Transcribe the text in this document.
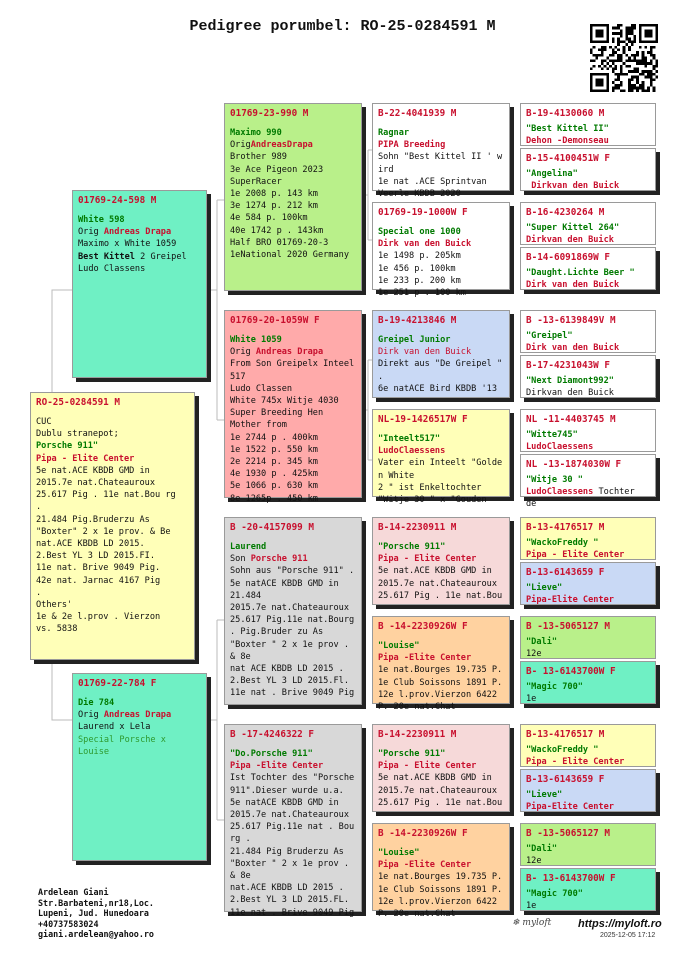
Pedigree porumbel: RO-25-0284591 M
RO-25-0284591 M
CUC
Dublu stranepot;
Porsche 911"
Pipa - Elite Center
5e nat.ACE KBDB GMD in
2015.7e nat.Chateauroux
25.617 Pig . 11e nat.Bou rg
.
21.484 Pig.Bruderzu As
"Boxter" 2 x 1e prov. & Be
nat.ACE KBDB LD 2015.
2.Best YL 3 LD 2015.FI.
11e nat. Brive 9049 Pig.
42e nat. Jarnac 4167 Pig
.
Others'
1e & 2e l.prov . Vierzon
vs. 5838
01769-24-598 M
White 598
Orig Andreas Drapa
Maximo x White 1059
Best Kittel 2 Greipel
Ludo Classens
01769-22-784 F
Die 784
Orig Andreas Drapa
Laurend x Lela
Special Porsche x Louise
01769-23-990 M
Maximo 990
OrigAndreasDrapa
Brother 989
3e Ace Pigeon 2023
SuperRacer
1e 2008 p. 143 km
3e 1274 p. 212 km
4e 584 p. 100km
40e 1742 p . 143km
Half BRO 01769-20-3
1eNational 2020 Germany
01769-20-1059W F
White 1059
Orig Andreas Drapa
From Son Greipelx Inteel
517
Ludo Classen
White 745x Witje 4030
Super Breeding Hen
Mother from
1e 2744 p . 400km
1e 1522 p. 550 km
2e 2214 p. 345 km
4e 1930 p . 425km
5e 1066 p. 630 km
8e 1265p . 450 km
B -20-4157099 M
Laurend
Son Porsche 911
Sohn aus "Porsche 911" .
5e natACE KBDB GMD in
21.484
2015.7e nat.Chateauroux
25.617 Pig.11e nat.Bourg
. Pig.Bruder zu As
"Boxter " 2 x 1e prov .
& 8e
nat ACE KBDB LD 2015 .
2.Best YL 3 LD 2015.Fl.
11e nat . Brive 9049 Pig
B -17-4246322 F
"Do.Porsche 911"
Pipa -Elite Center
Ist Tochter des "Porsche
911".Dieser wurde u.a.
5e natACE KBDB GMD in
2015.7e nat.Chateauroux
25.617 Pig.11e nat . Bou rg .
21.484 Pig Bruderzu As
"Boxter " 2 x 1e prov .
& 8e
nat.ACE KBDB LD 2015 .
2.Best YL 3 LD 2015.FL.
11e nat . Brive 9049 Pig
B-22-4041939 M
Ragnar
PIPA Breeding
Sohn "Best Kittel II ' w ird
1e nat .ACE Sprintvan
Veerle KBDB 2020
01769-19-1000W F
Special one 1000
Dirk van den Buick
1e 1498 p. 205km
1e 456 p. 100km
1e 233 p. 200 km
1e 251 p . 100 km
B-19-4213846 M
Greipel Junior
Dirk van den Buick
Direkt aus "De Greipel "
.
6e natACE Bird KBDB '13
NL-19-1426517W F
"Inteelt517"
LudoClaessens
Vater ein Inteelt "Golde n White
2 " ist Enkeltochter
"Witje 30 " x "Gouden
B-14-2230911 M
"Porsche 911"
Pipa - Elite Center
5e nat.ACE KBDB GMD in
2015.7e nat.Chateauroux
25.617 Pig . 11e nat.Bou
B -14-2230926W F
"Louise"
Pipa -Elite Center
1e nat.Bourges 19.735 P.
1e Club Soissons 1891 P.
12e l.prov.Vierzon 6422
P. 20e nat.Chat
B-14-2230911 M
"Porsche 911"
Pipa - Elite Center
5e nat.ACE KBDB GMD in
2015.7e nat.Chateauroux
25.617 Pig . 11e nat.Bou
B -14-2230926W F
"Louise"
Pipa -Elite Center
1e nat.Bourges 19.735 P.
1e Club Soissons 1891 P.
12e l.prov.Vierzon 6422
P. 20e nat.Chat
B-19-4130060 M
"Best Kittel II"
Dehon -Demonseau
B-15-4100451W F
"Angelina"
Dirkvan den Buick
B-16-4230264 M
"Super Kittel 264"
Dirkvan den Buick
B-14-6091869W F
"Daught.Lichte Beer "
Dirk van den Buick
B -13-6139849V M
"Greipel"
Dirk van den Buick
B-17-4231043W F
"Next Diamont992"
Dirkvan den Buick
NL -11-4403745 M
"Witte745"
LudoClaessens
NL -13-1874030W F
"Witje 30 "
LudoClaessens Tochter de
B-13-4176517 M
"WackoFreddy "
Pipa - Elite Center
B-13-6143659 F
"Lieve"
Pipa-Elite Center
B -13-5065127 M
"Dali"
12e
B- 13-6143700W F
"Magic 700"
1e
B-13-4176517 M
"WackoFreddy "
Pipa - Elite Center
B-13-6143659 F
"Lieve"
Pipa-Elite Center
B -13-5065127 M
"Dali"
12e
B- 13-6143700W F
"Magic 700"
1e
Ardelean Giani
Str.Barbateni,nr18,Loc.
Lupeni, Jud. Hunedoara
+40737583024
giani.ardelean@yahoo.ro
❄ myloft https://myloft.ro
2025-12-05 17:12
